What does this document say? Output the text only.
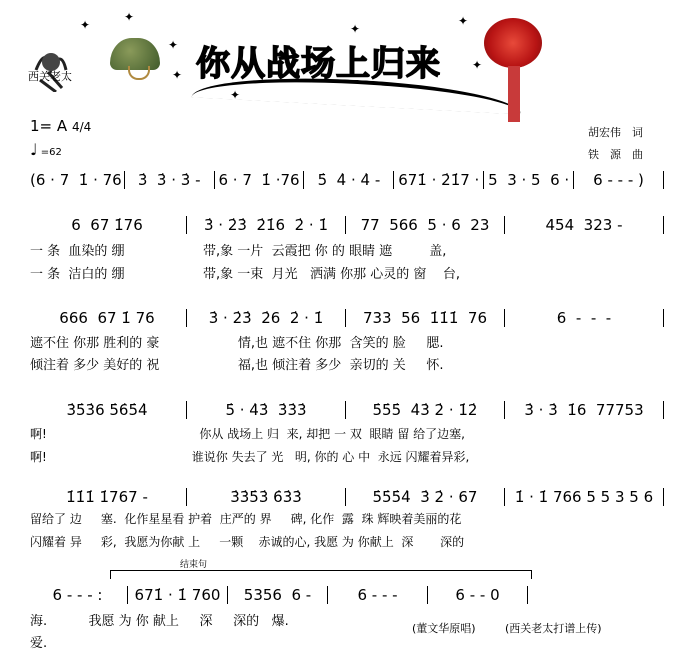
西关老太	你从战场上归来
✦
✦
✦
✦
✦
✦
✦
✦
1= A 4/4
♩ =62
胡宏伟　词
铁　源　曲
(6 · 7  1̇ · 76	3̇  3̇ · 3̇ -	6 · 7  1̇ ·76	5̇  4̇ · 4̇ -	671̇ · 2̇1̇7 · 5  3 · 5  6 ·	6 - - - )
6  67 1̇76	3̇ · 2̇3̇  2̇1̇6  2̇ · 1̇	77  566  5 · 6  23	454  323 -
一 条  血染的 绷                   带,象 一片  云霞把 你 的 眼睛 遮         盖,
一 条  洁白的 绷                   带,象 一束  月光   洒满 你那 心灵的 窗    台,
666  67 1̇ 76	3̇ · 2̇3̇  2̇6  2̇ · 1̇	733  56  1̇1̇1̇  76	6  -  -  -
遮不住 你那 胜利的 豪                   情,也 遮不住 你那  含笑的 脸     腮.
倾注着 多少 美好的 祝                   福,也 倾注着 多少  亲切的 关     怀.
3̇5̇3̇6 5̇6̇5̇4̇	5̇ · 4̇3̇  3̇3̇3̇	5̇5̇5̇  4̇3̇ 2̇ · 1̇2̇	3̇ · 3̇  1̇6  77753
啊!                                        你从 战场上 归  来, 却把 一 双  眼睛 留 给了边塞,
啊!                                      谁说你 失去了 光   明, 你的 心 中  永远 闪耀着异彩,
1̇1̇1̇ 1̇767 -	3̇3̇5̇3̇ 6̇3̇3̇	5̇5̇5̇4̇  3̇ 2̇ · 67	1̇ · 1̇ 766 5 5 3 5 6
留给了 边     塞.  化作星星看 护着  庄严的 界     碑, 化作  露  珠 辉映着美丽的花
闪耀着 异     彩,  我愿为你献 上     一颗    赤诚的心, 我愿 为 你献上  深       深的
6 - - - :	671̇ · 1̇ 760	5356  6 -	6 - - -	6 - - 0
海.          我愿 为 你 献上     深     深的   爆.
爱.
结束句
(董文华原唱)	(西关老太打谱上传)
